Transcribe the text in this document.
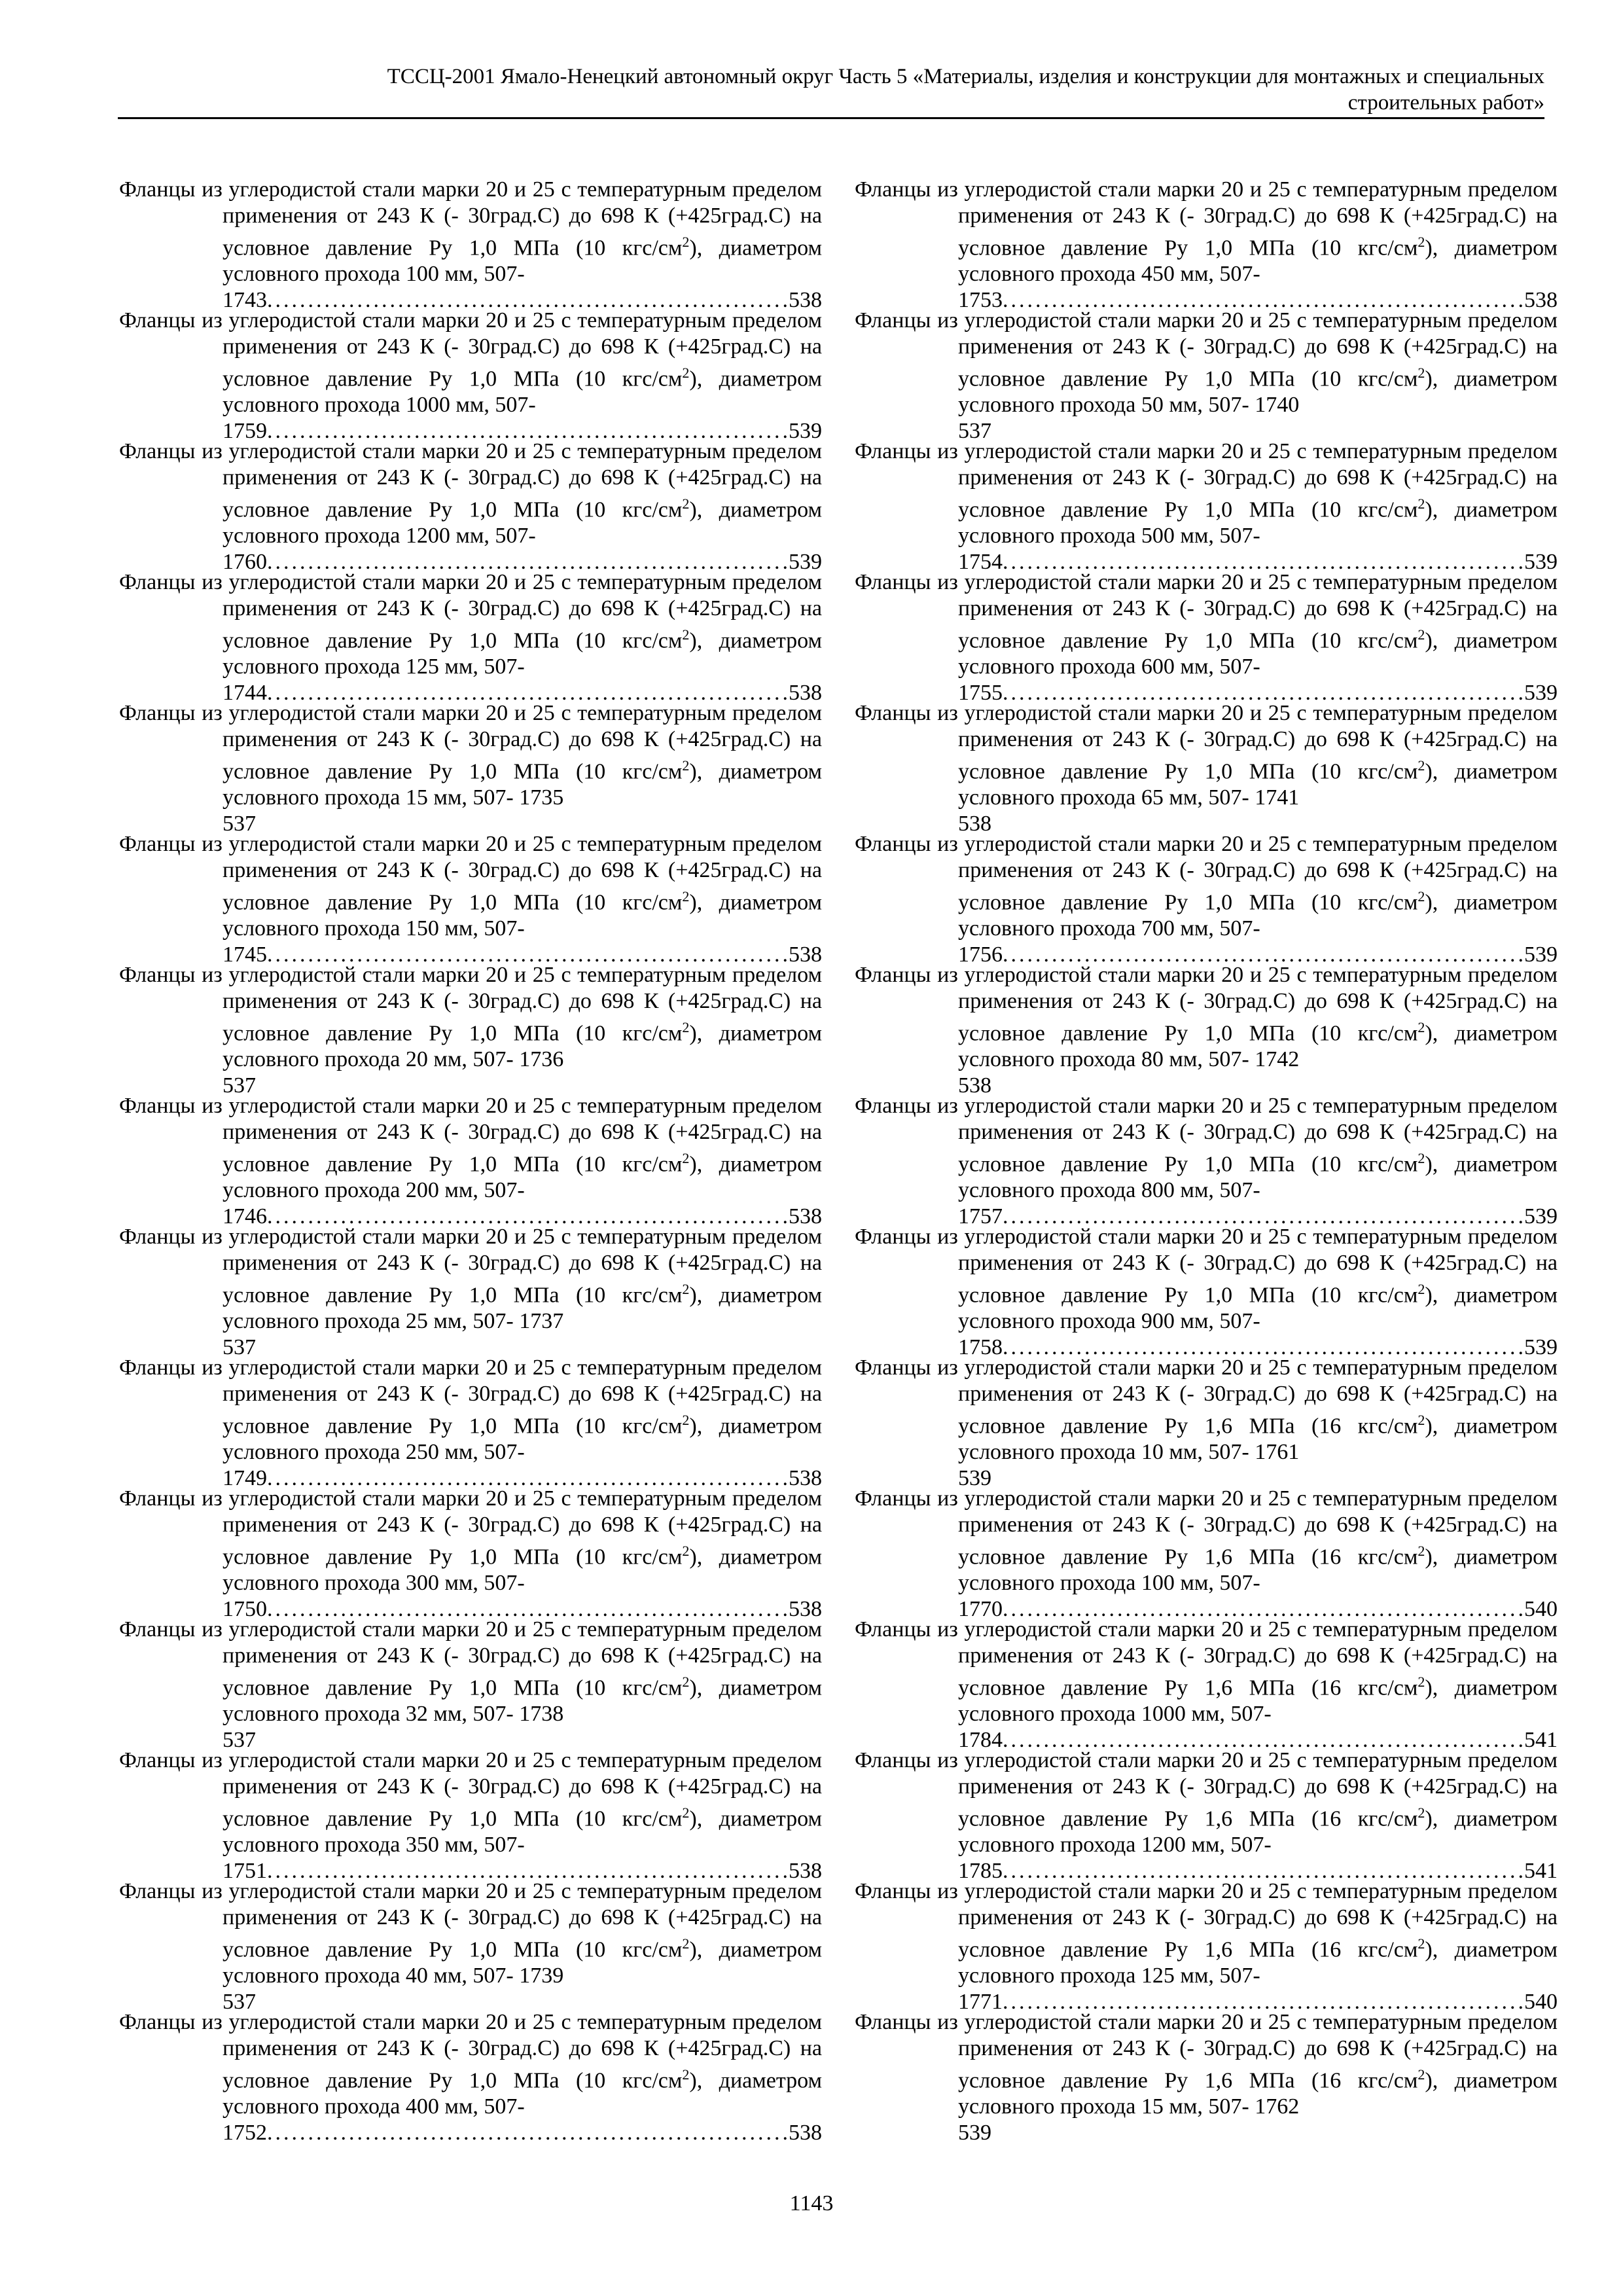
ТССЦ-2001 Ямало-Ненецкий автономный округ Часть 5 «Материалы, изделия и конструкции для монтажных и специальных
строительных работ»
Фланцы из углеродистой стали марки 20 и 25 с температурным пределом применения от 243 К (- 30град.С) до 698 К (+425град.С) на условное давление Ру 1,0 МПа (10 кгс/$см^2$), диаметром условного прохода 100 мм, 507-
1743 .....	538
Фланцы из углеродистой стали марки 20 и 25 с температурным пределом применения от 243 К (- 30град.С) до 698 К (+425град.С) на условное давление Ру 1,0 МПа (10 кгс/$см^2$), диаметром условного прохода 1000 мм, 507-
1759 .....	539
Фланцы из углеродистой стали марки 20 и 25 с температурным пределом применения от 243 К (- 30град.С) до 698 К (+425град.С) на условное давление Ру 1,0 МПа (10 кгс/$см^2$), диаметром условного прохода 1200 мм, 507-
1760 .....	539
Фланцы из углеродистой стали марки 20 и 25 с температурным пределом применения от 243 К (- 30град.С) до 698 К (+425град.С) на условное давление Ру 1,0 МПа (10 кгс/$см^2$), диаметром условного прохода 125 мм, 507-
1744 .....	538
Фланцы из углеродистой стали марки 20 и 25 с температурным пределом применения от 243 К (- 30град.С) до 698 К (+425град.С) на условное давление Ру 1,0 МПа (10 кгс/$см^2$), диаметром условного прохода 15 мм, 507- 1735
537
Фланцы из углеродистой стали марки 20 и 25 с температурным пределом применения от 243 К (- 30град.С) до 698 К (+425град.С) на условное давление Ру 1,0 МПа (10 кгс/$см^2$), диаметром условного прохода 150 мм, 507-
1745 .....	538
Фланцы из углеродистой стали марки 20 и 25 с температурным пределом применения от 243 К (- 30град.С) до 698 К (+425град.С) на условное давление Ру 1,0 МПа (10 кгс/$см^2$), диаметром условного прохода 20 мм, 507- 1736
537
Фланцы из углеродистой стали марки 20 и 25 с температурным пределом применения от 243 К (- 30град.С) до 698 К (+425град.С) на условное давление Ру 1,0 МПа (10 кгс/$см^2$), диаметром условного прохода 200 мм, 507-
1746 .....	538
Фланцы из углеродистой стали марки 20 и 25 с температурным пределом применения от 243 К (- 30град.С) до 698 К (+425град.С) на условное давление Ру 1,0 МПа (10 кгс/$см^2$), диаметром условного прохода 25 мм, 507- 1737
537
Фланцы из углеродистой стали марки 20 и 25 с температурным пределом применения от 243 К (- 30град.С) до 698 К (+425град.С) на условное давление Ру 1,0 МПа (10 кгс/$см^2$), диаметром условного прохода 250 мм, 507-
1749 .....	538
Фланцы из углеродистой стали марки 20 и 25 с температурным пределом применения от 243 К (- 30град.С) до 698 К (+425град.С) на условное давление Ру 1,0 МПа (10 кгс/$см^2$), диаметром условного прохода 300 мм, 507-
1750 .....	538
Фланцы из углеродистой стали марки 20 и 25 с температурным пределом применения от 243 К (- 30град.С) до 698 К (+425град.С) на условное давление Ру 1,0 МПа (10 кгс/$см^2$), диаметром условного прохода 32 мм, 507- 1738
537
Фланцы из углеродистой стали марки 20 и 25 с температурным пределом применения от 243 К (- 30град.С) до 698 К (+425град.С) на условное давление Ру 1,0 МПа (10 кгс/$см^2$), диаметром условного прохода 350 мм, 507-
1751 .....	538
Фланцы из углеродистой стали марки 20 и 25 с температурным пределом применения от 243 К (- 30град.С) до 698 К (+425град.С) на условное давление Ру 1,0 МПа (10 кгс/$см^2$), диаметром условного прохода 40 мм, 507- 1739
537
Фланцы из углеродистой стали марки 20 и 25 с температурным пределом применения от 243 К (- 30град.С) до 698 К (+425град.С) на условное давление Ру 1,0 МПа (10 кгс/$см^2$), диаметром условного прохода 400 мм, 507-
1752 .....	538
Фланцы из углеродистой стали марки 20 и 25 с температурным пределом применения от 243 К (- 30град.С) до 698 К (+425град.С) на условное давление Ру 1,0 МПа (10 кгс/$см^2$), диаметром условного прохода 450 мм, 507-
1753 .....	538
Фланцы из углеродистой стали марки 20 и 25 с температурным пределом применения от 243 К (- 30град.С) до 698 К (+425град.С) на условное давление Ру 1,0 МПа (10 кгс/$см^2$), диаметром условного прохода 50 мм, 507- 1740
537
Фланцы из углеродистой стали марки 20 и 25 с температурным пределом применения от 243 К (- 30град.С) до 698 К (+425град.С) на условное давление Ру 1,0 МПа (10 кгс/$см^2$), диаметром условного прохода 500 мм, 507-
1754 .....	539
Фланцы из углеродистой стали марки 20 и 25 с температурным пределом применения от 243 К (- 30град.С) до 698 К (+425град.С) на условное давление Ру 1,0 МПа (10 кгс/$см^2$), диаметром условного прохода 600 мм, 507-
1755 .....	539
Фланцы из углеродистой стали марки 20 и 25 с температурным пределом применения от 243 К (- 30град.С) до 698 К (+425град.С) на условное давление Ру 1,0 МПа (10 кгс/$см^2$), диаметром условного прохода 65 мм, 507- 1741
538
Фланцы из углеродистой стали марки 20 и 25 с температурным пределом применения от 243 К (- 30град.С) до 698 К (+425град.С) на условное давление Ру 1,0 МПа (10 кгс/$см^2$), диаметром условного прохода 700 мм, 507-
1756 .....	539
Фланцы из углеродистой стали марки 20 и 25 с температурным пределом применения от 243 К (- 30град.С) до 698 К (+425град.С) на условное давление Ру 1,0 МПа (10 кгс/$см^2$), диаметром условного прохода 80 мм, 507- 1742
538
Фланцы из углеродистой стали марки 20 и 25 с температурным пределом применения от 243 К (- 30град.С) до 698 К (+425град.С) на условное давление Ру 1,0 МПа (10 кгс/$см^2$), диаметром условного прохода 800 мм, 507-
1757 .....	539
Фланцы из углеродистой стали марки 20 и 25 с температурным пределом применения от 243 К (- 30град.С) до 698 К (+425град.С) на условное давление Ру 1,0 МПа (10 кгс/$см^2$), диаметром условного прохода 900 мм, 507-
1758 .....	539
Фланцы из углеродистой стали марки 20 и 25 с температурным пределом применения от 243 К (- 30град.С) до 698 К (+425град.С) на условное давление Ру 1,6 МПа (16 кгс/$см^2$), диаметром условного прохода 10 мм, 507- 1761
539
Фланцы из углеродистой стали марки 20 и 25 с температурным пределом применения от 243 К (- 30град.С) до 698 К (+425град.С) на условное давление Ру 1,6 МПа (16 кгс/$см^2$), диаметром условного прохода 100 мм, 507-
1770 .....	540
Фланцы из углеродистой стали марки 20 и 25 с температурным пределом применения от 243 К (- 30град.С) до 698 К (+425град.С) на условное давление Ру 1,6 МПа (16 кгс/$см^2$), диаметром условного прохода 1000 мм, 507-
1784 .....	541
Фланцы из углеродистой стали марки 20 и 25 с температурным пределом применения от 243 К (- 30град.С) до 698 К (+425град.С) на условное давление Ру 1,6 МПа (16 кгс/$см^2$), диаметром условного прохода 1200 мм, 507-
1785 .....	541
Фланцы из углеродистой стали марки 20 и 25 с температурным пределом применения от 243 К (- 30град.С) до 698 К (+425град.С) на условное давление Ру 1,6 МПа (16 кгс/$см^2$), диаметром условного прохода 125 мм, 507-
1771 .....	540
Фланцы из углеродистой стали марки 20 и 25 с температурным пределом применения от 243 К (- 30град.С) до 698 К (+425град.С) на условное давление Ру 1,6 МПа (16 кгс/$см^2$), диаметром условного прохода 15 мм, 507- 1762
539
1143
